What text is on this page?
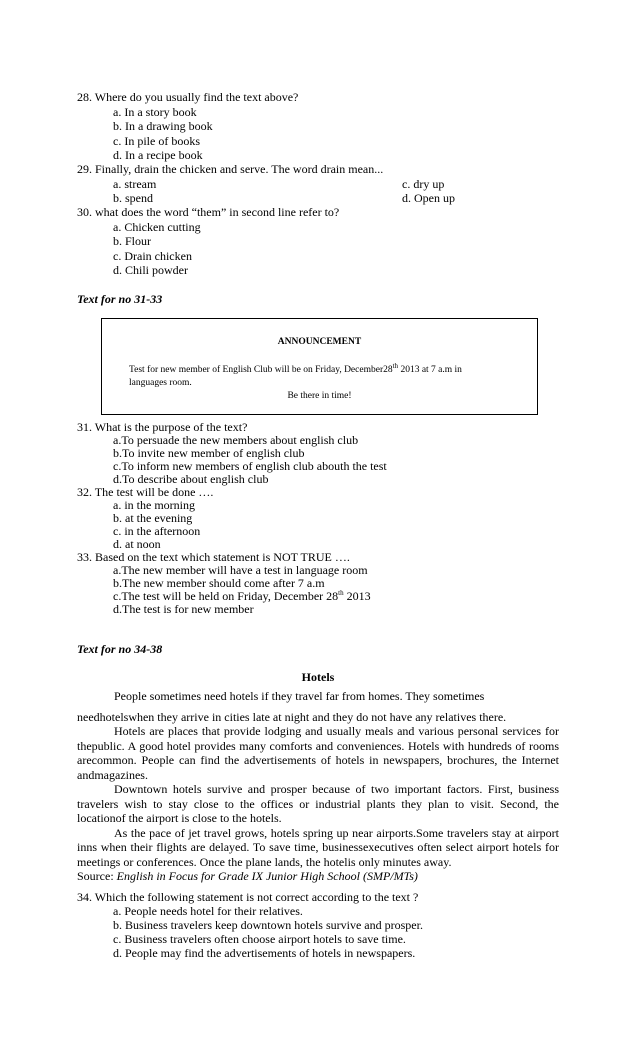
28. Where do you usually find the text above?
a. In a story book
b. In a drawing book
c. In pile of books
d. In a recipe book
29. Finally, drain the chicken and serve. The word drain mean...
a. stream	c. dry up
b. spend	d. Open up
30. what does the word “them” in second line refer to?
a. Chicken cutting
b. Flour
c. Drain chicken
d. Chili powder
Text for no 31-33
ANNOUNCEMENT
Test for new member of English Club will be on Friday, December28th 2013 at 7 a.m in
languages room.
Be there in time!
31. What is the purpose of the text?
a.To persuade the new members about english club
b.To invite new member of english club
c.To inform new members of english club abouth the test
d.To describe about english club
32. The test will be done ….
a. in the morning
b. at the evening
c. in the afternoon
d. at noon
33. Based on the text which statement is NOT TRUE ….
a.The new member will have a test in language room
b.The new member should come after 7 a.m
c.The test will be held on Friday, December 28th 2013
d.The test is for new member
Text for no 34-38
Hotels
People sometimes need hotels if they travel far from homes. They sometimes
needhotelswhen they arrive in cities late at night and they do not have any relatives there.

Hotels are places that provide lodging and usually meals and various personal services for thepublic. A good hotel provides many comforts and conveniences. Hotels with hundreds of rooms arecommon. People can find the advertisements of hotels in newspapers, brochures, the Internet andmagazines.

Downtown hotels survive and prosper because of two important factors. First, business travelers wish to stay close to the offices or industrial plants they plan to visit. Second, the locationof the airport is close to the hotels.

As the pace of jet travel grows, hotels spring up near airports.Some travelers stay at airport inns when their flights are delayed. To save time, businessexecutives often select airport hotels for meetings or conferences. Once the plane lands, the hotelis only minutes away.

Source: English in Focus for Grade IX Junior High School (SMP/MTs)

34. Which the following statement is not correct according to the text ?
a. People needs hotel for their relatives.
b. Business travelers keep downtown hotels survive and prosper.
c. Business travelers often choose airport hotels to save time.
d. People may find the advertisements of hotels in newspapers.
